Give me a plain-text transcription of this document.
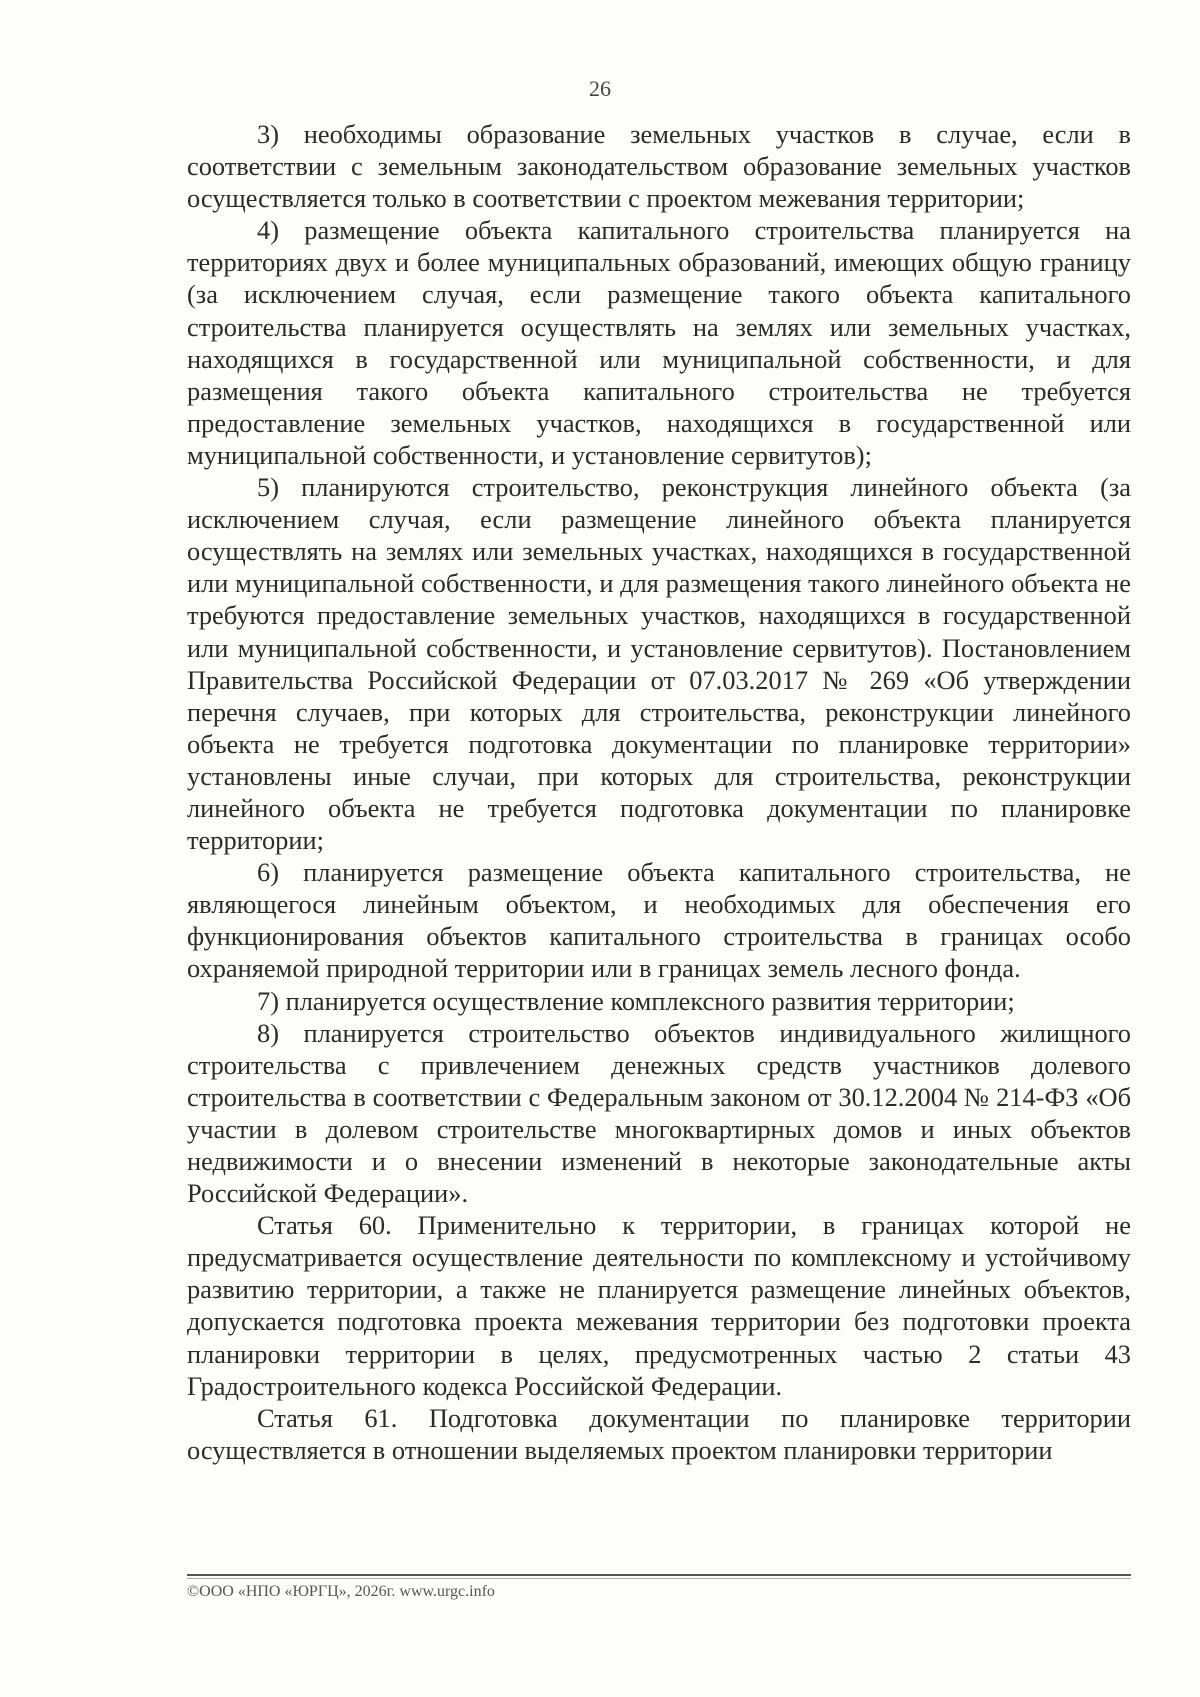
26

3) необходимы образование земельных участков в случае, если в соответствии с земельным законодательством образование земельных участков осуществляется только в соответствии с проектом межевания территории;

4) размещение объекта капитального строительства планируется на территориях двух и более муниципальных образований, имеющих общую границу (за исключением случая, если размещение такого объекта капитального строительства планируется осуществлять на землях или земельных участках, находящихся в государственной или муниципальной собственности, и для размещения такого объекта капитального строительства не требуется предоставление земельных участков, находящихся в государственной или муниципальной собственности, и установление сервитутов);

5) планируются строительство, реконструкция линейного объекта (за исключением случая, если размещение линейного объекта планируется осуществлять на землях или земельных участках, находящихся в государственной или муниципальной собственности, и для размещения такого линейного объекта не требуются предоставление земельных участков, находящихся в государственной или муниципальной собственности, и установление сервитутов). Постановлением Правительства Российской Федерации от 07.03.2017 № 269 «Об утверждении перечня случаев, при которых для строительства, реконструкции линейного объекта не требуется подготовка документации по планировке территории» установлены иные случаи, при которых для строительства, реконструкции линейного объекта не требуется подготовка документации по планировке территории;

6) планируется размещение объекта капитального строительства, не являющегося линейным объектом, и необходимых для обеспечения его функционирования объектов капитального строительства в границах особо охраняемой природной территории или в границах земель лесного фонда.

7) планируется осуществление комплексного развития территории;

8) планируется строительство объектов индивидуального жилищного строительства с привлечением денежных средств участников долевого строительства в соответствии с Федеральным законом от 30.12.2004 № 214-ФЗ «Об участии в долевом строительстве многоквартирных домов и иных объектов недвижимости и о внесении изменений в некоторые законодательные акты Российской Федерации».

Статья 60. Применительно к территории, в границах которой не предусматривается осуществление деятельности по комплексному и устойчивому развитию территории, а также не планируется размещение линейных объектов, допускается подготовка проекта межевания территории без подготовки проекта планировки территории в целях, предусмотренных частью 2 статьи 43 Градостроительного кодекса Российской Федерации.

Статья 61. Подготовка документации по планировке территории осуществляется в отношении выделяемых проектом планировки территории

©ООО «НПО «ЮРГЦ», 2026г. www.urgc.info
